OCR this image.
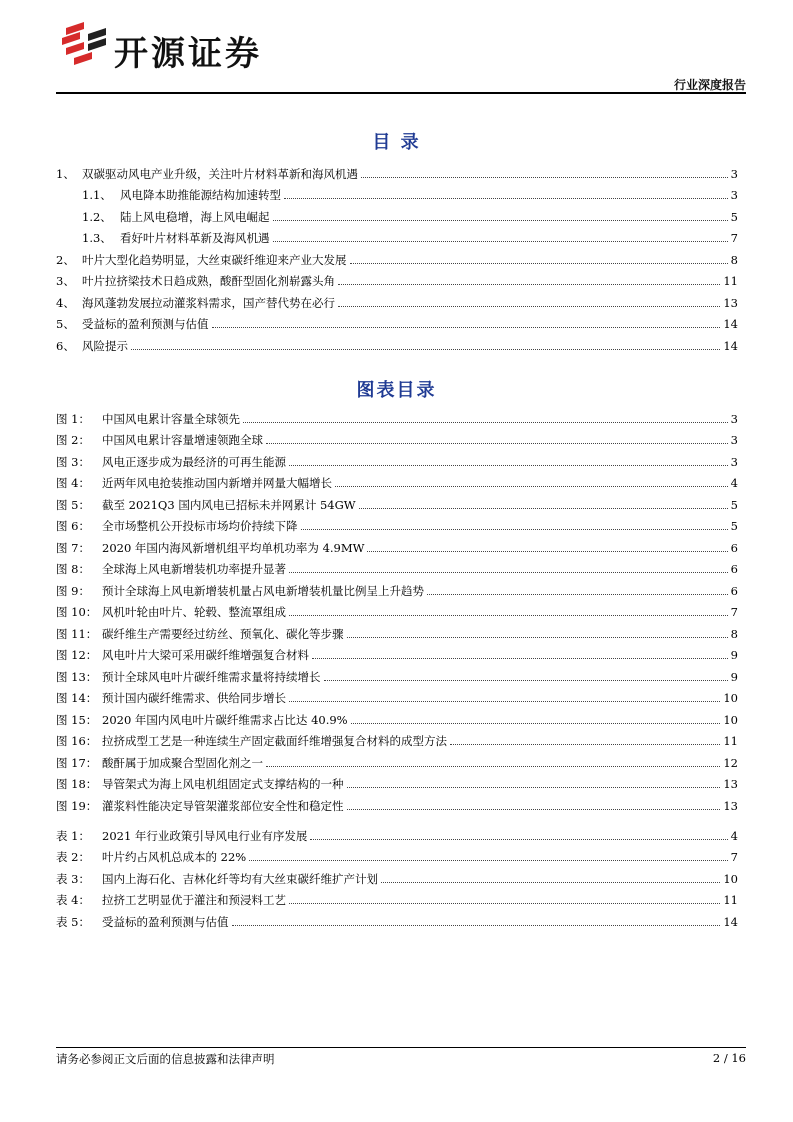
开源证券
行业深度报告
目 录
1、 双碳驱动风电产业升级，关注叶片材料革新和海风机遇	3
1.1、 风电降本助推能源结构加速转型	3
1.2、 陆上风电稳增，海上风电崛起	5
1.3、 看好叶片材料革新及海风机遇	7
2、 叶片大型化趋势明显，大丝束碳纤维迎来产业大发展	8
3、 叶片拉挤梁技术日趋成熟，酸酐型固化剂崭露头角	11
4、 海风蓬勃发展拉动灌浆料需求，国产替代势在必行	13
5、 受益标的盈利预测与估值	14
6、 风险提示	14
图表目录
图 1：	中国风电累计容量全球领先	3
图 2：	中国风电累计容量增速领跑全球	3
图 3：	风电正逐步成为最经济的可再生能源	3
图 4：	近两年风电抢装推动国内新增并网量大幅增长	4
图 5：	截至 2021Q3 国内风电已招标未并网累计 54GW	5
图 6：	全市场整机公开投标市场均价持续下降	5
图 7：	2020 年国内海风新增机组平均单机功率为 4.9MW	6
图 8：	全球海上风电新增装机功率提升显著	6
图 9：	预计全球海上风电新增装机量占风电新增装机量比例呈上升趋势	6
图 10： 风机叶轮由叶片、轮毂、整流罩组成	7
图 11： 碳纤维生产需要经过纺丝、预氧化、碳化等步骤	8
图 12： 风电叶片大梁可采用碳纤维增强复合材料	9
图 13： 预计全球风电叶片碳纤维需求量将持续增长	9
图 14： 预计国内碳纤维需求、供给同步增长	10
图 15： 2020 年国内风电叶片碳纤维需求占比达 40.9%	10
图 16： 拉挤成型工艺是一种连续生产固定截面纤维增强复合材料的成型方法	11
图 17： 酸酐属于加成聚合型固化剂之一	12
图 18： 导管架式为海上风电机组固定式支撑结构的一种	13
图 19： 灌浆料性能决定导管架灌浆部位安全性和稳定性	13
表 1：	2021 年行业政策引导风电行业有序发展	4
表 2：	叶片约占风机总成本的 22%	7
表 3：	国内上海石化、吉林化纤等均有大丝束碳纤维扩产计划	10
表 4：	拉挤工艺明显优于灌注和预浸料工艺	11
表 5：	受益标的盈利预测与估值	14
请务必参阅正文后面的信息披露和法律声明	2 / 16
